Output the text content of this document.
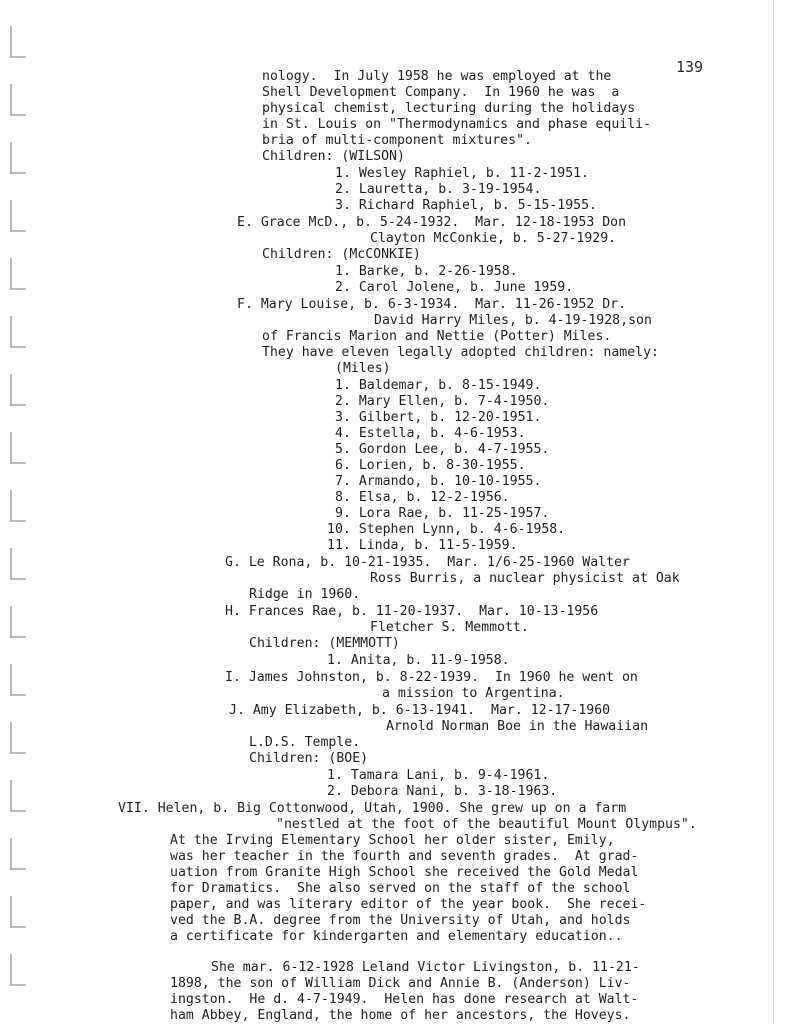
139
nology.  In July 1958 he was employed at the
Shell Development Company.  In 1960 he was  a
physical chemist, lecturing during the holidays
in St. Louis on "Thermodynamics and phase equili-
bria of multi-component mixtures".
Children: (WILSON)
1. Wesley Raphiel, b. 11-2-1951.
2. Lauretta, b. 3-19-1954.
3. Richard Raphiel, b. 5-15-1955.
E. Grace McD., b. 5-24-1932.  Mar. 12-18-1953 Don
Clayton McConkie, b. 5-27-1929.
Children: (McCONKIE)
1. Barke, b. 2-26-1958.
2. Carol Jolene, b. June 1959.
F. Mary Louise, b. 6-3-1934.  Mar. 11-26-1952 Dr.
David Harry Miles, b. 4-19-1928,son
of Francis Marion and Nettie (Potter) Miles.
They have eleven legally adopted children: namely:
(Miles)
1. Baldemar, b. 8-15-1949.
2. Mary Ellen, b. 7-4-1950.
3. Gilbert, b. 12-20-1951.
4. Estella, b. 4-6-1953.
5. Gordon Lee, b. 4-7-1955.
6. Lorien, b. 8-30-1955.
7. Armando, b. 10-10-1955.
8. Elsa, b. 12-2-1956.
9. Lora Rae, b. 11-25-1957.
10. Stephen Lynn, b. 4-6-1958.
11. Linda, b. 11-5-1959.
G. Le Rona, b. 10-21-1935.  Mar. 1/6-25-1960 Walter
Ross Burris, a nuclear physicist at Oak
Ridge in 1960.
H. Frances Rae, b. 11-20-1937.  Mar. 10-13-1956
Fletcher S. Memmott.
Children: (MEMMOTT)
1. Anita, b. 11-9-1958.
I. James Johnston, b. 8-22-1939.  In 1960 he went on
a mission to Argentina.
J. Amy Elizabeth, b. 6-13-1941.  Mar. 12-17-1960
Arnold Norman Boe in the Hawaiian
L.D.S. Temple.
Children: (BOE)
1. Tamara Lani, b. 9-4-1961.
2. Debora Nani, b. 3-18-1963.
VII. Helen, b. Big Cottonwood, Utah, 1900. She grew up on a farm
"nestled at the foot of the beautiful Mount Olympus".
At the Irving Elementary School her older sister, Emily,
was her teacher in the fourth and seventh grades.  At grad-
uation from Granite High School she received the Gold Medal
for Dramatics.  She also served on the staff of the school
paper, and was literary editor of the year book.  She recei-
ved the B.A. degree from the University of Utah, and holds
a certificate for kindergarten and elementary education..
She mar. 6-12-1928 Leland Victor Livingston, b. 11-21-
1898, the son of William Dick and Annie B. (Anderson) Liv-
ingston.  He d. 4-7-1949.  Helen has done research at Walt-
ham Abbey, England, the home of her ancestors, the Hoveys.
